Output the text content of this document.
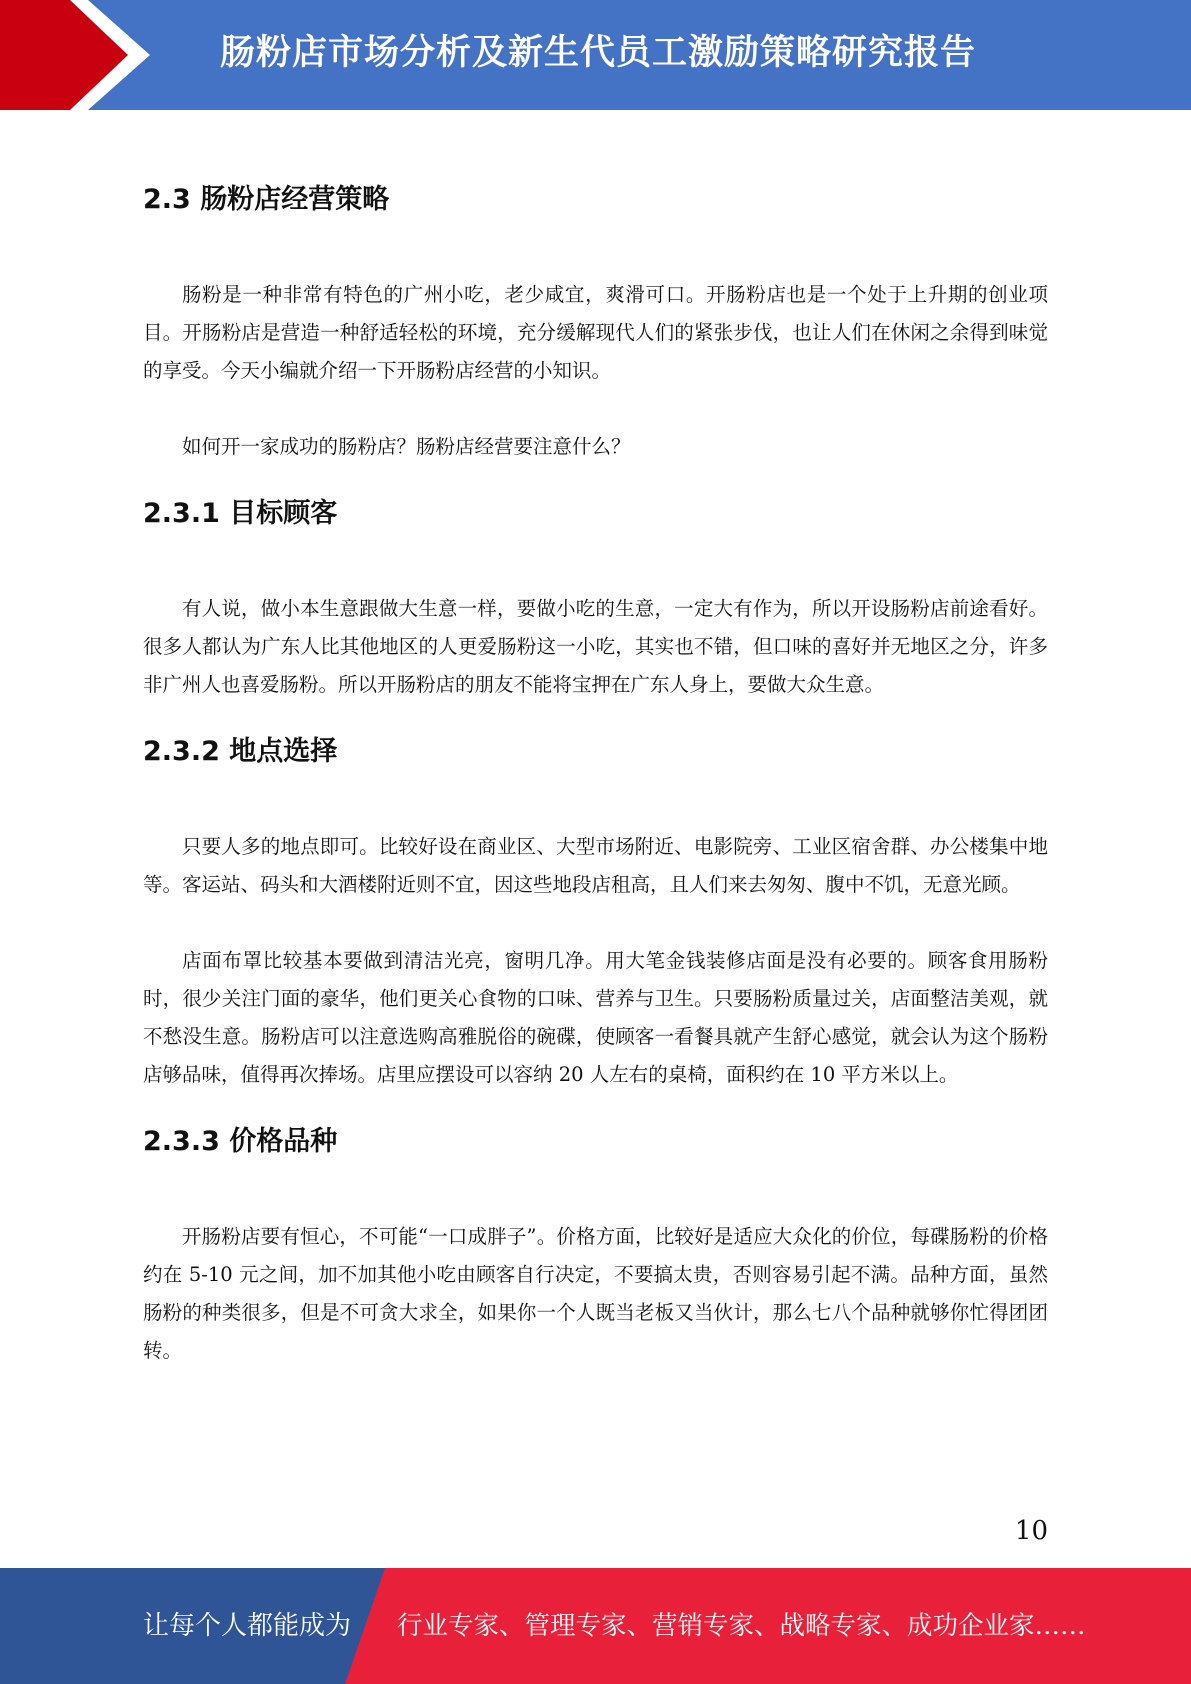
肠粉店市场分析及新生代员工激励策略研究报告
2.3 肠粉店经营策略

肠粉是一种非常有特色的广州小吃，老少咸宜，爽滑可口。开肠粉店也是一个处于上升期的创业项目。开肠粉店是营造一种舒适轻松的环境，充分缓解现代人们的紧张步伐，也让人们在休闲之余得到味觉的享受。今天小编就介绍一下开肠粉店经营的小知识。

如何开一家成功的肠粉店？肠粉店经营要注意什么？

2.3.1 目标顾客

有人说，做小本生意跟做大生意一样，要做小吃的生意，一定大有作为，所以开设肠粉店前途看好。很多人都认为广东人比其他地区的人更爱肠粉这一小吃，其实也不错，但口味的喜好并无地区之分，许多非广州人也喜爱肠粉。所以开肠粉店的朋友不能将宝押在广东人身上，要做大众生意。

2.3.2 地点选择

只要人多的地点即可。比较好设在商业区、大型市场附近、电影院旁、工业区宿舍群、办公楼集中地等。客运站、码头和大酒楼附近则不宜，因这些地段店租高，且人们来去匆匆、腹中不饥，无意光顾。

店面布罩比较基本要做到清洁光亮，窗明几净。用大笔金钱装修店面是没有必要的。顾客食用肠粉时，很少关注门面的豪华，他们更关心食物的口味、营养与卫生。只要肠粉质量过关，店面整洁美观，就不愁没生意。肠粉店可以注意选购高雅脱俗的碗碟，使顾客一看餐具就产生舒心感觉，就会认为这个肠粉店够品味，值得再次捧场。店里应摆设可以容纳 20 人左右的桌椅，面积约在 10 平方米以上。

2.3.3 价格品种

开肠粉店要有恒心，不可能“一口成胖子”。价格方面，比较好是适应大众化的价位，每碟肠粉的价格约在 5-10 元之间，加不加其他小吃由顾客自行决定，不要搞太贵，否则容易引起不满。品种方面，虽然肠粉的种类很多，但是不可贪大求全，如果你一个人既当老板又当伙计，那么七八个品种就够你忙得团团转。

10
让每个人都能成为 行业专家、管理专家、营销专家、战略专家、成功企业家……
